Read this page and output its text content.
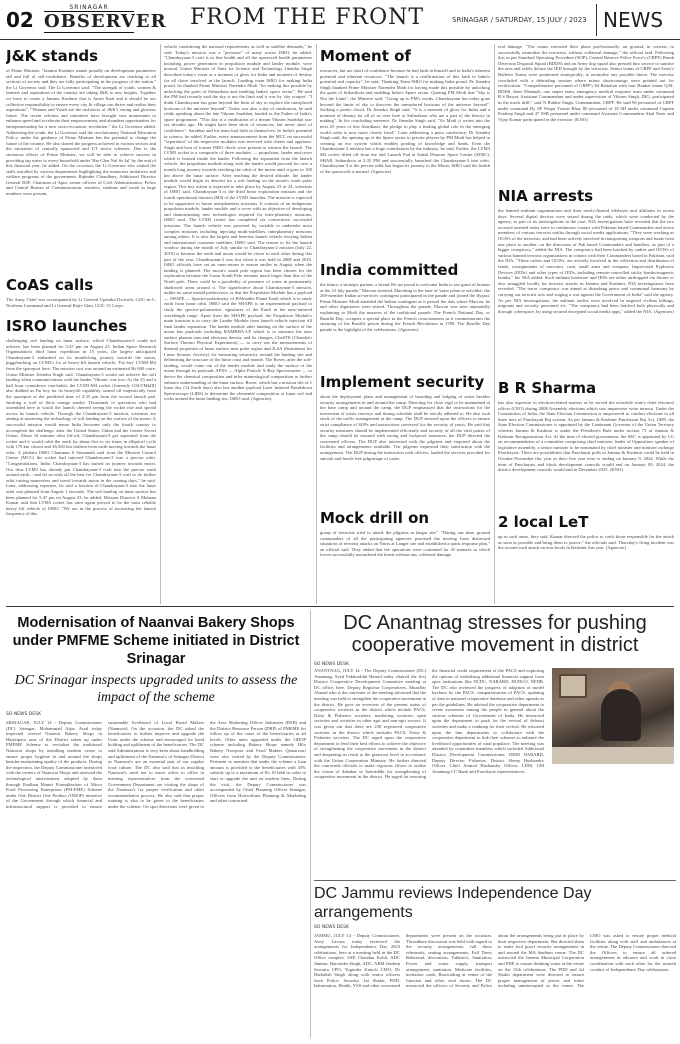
02
SRINAGAR
OBSERVER FROM THE FRONT	SRINAGAR / SATURDAY, 15 JULY / 2023 NEWS
J&K stands
of Prime Minister. "Jammu Kashmir stands proudly on development parameters tall and full of self-confidence. Benefits of development are reaching to all sections of society and they are fully participating in the progress of the nation," the Lt Governor said. The Lt Governor said: "The strength of youth, women & farmers and aspirations of the country are taking J&K to new heights. Together we have to create a Jammu Kashmir that is Amrit Kaal and it should be our collective responsibility to ensure every city & village can thrive and realise their aspirations". "Women and Youth are the architects of J&K's strong and glorious future. The recent reforms and initiatives have brought vast momentum to enhance speed and accelerate their empowerment, and abundant opportunities for entrepreneurship for a new socio-economic revolution," the Lt Governor added. Addressing the youth, the Lt Governor said the revolutionary National Education Policy, under the guidance of Prime Minister has the potential to change the future of the country. He also shared the progress achieved in various sectors and the saturation of centrally sponsored and UT sector schemes. Due to the strenuous efforts of Prime Minister, we will be able to achieve success in providing tap water to every household under 'Har Ghar Nal Se Jal' by the end of this financial year, he added. On the occasion, the Lt Governor also visited the stalls installed by various departments highlighting the numerous initiatives and welfare programs of the government. Rajinder Choudhary, Additional Director General BSF, Chairman of Apni, senior officers of Civil Administration, Police and Central Bureau of Communication, teachers, students and youth in large numbers were present.
CoAS calls
The Army Chief was accompanied by Lt General Upendra Dwivedi, GOC-in-C, Northern Command and Lt General Rajiv Ghai, GOC 15 Corps.
ISRO launches
challenging soft landing on lunar surface, which Chandrayaan-2 could not achieve, has been planned for 5:47 pm on August 23. Indian Space Research Organisation's third lunar expedition in 15 years, the largely anticipated Chandrayaan-3 embarked on its month-long journey towards the moon, piggybacking on LVM3's 1st of heavy-lift launch vehicle, 'Fat boy' LVM3-M4 from the spaceport here. The mission cost was around an estimated Rs 600 crore, Union Minister Jitendra Singh said. Chandrayaan-3 would not achieve the soft landing when communications with the lander 'Vikram' was lost. As the 25 and a half hour countdown concluded, the LVM3-M4 rocket (formerly GSLVMkIII) also dubbed as Fat boy for its heavylift capability, soared off majestically from the spaceport at the predicted time of 2:35 pm from the second launch pad, emitting a trail of thick orange smoke. Thousands of spectators who had assembled here to watch the launch cheered seeing the rocket rise and spread across its launch vehicle. Through the Chandrayaan-3 mission, scientists are aiming at mastering the technology of soft landing on the surface of the moon. A successful mission would mean India becomes only the fourth country to accomplish the challenge, after the United States, China and the former Soviet Union. About 16 minutes after lift-off, Chandrayaan-3 got separated from the rocket and it would orbit the earth for about five to six times in elliptical cycle with 170 km closest and 36,500 km farthest from earth moving towards the lunar orbit. A jubilant ISRO Chairman S Somanath said from the Mission Control Centre (MCC) the rocket had injected Chandrayaan-3 into a precise orbit. "Congratulations, India. Chandrayaan-3 has started its journey towards moon. Our dear LVM3 has already put Chandrayaan-3 craft into the precise earth around earth... and let us wish all the best for Chandrayaan-3 craft to do further orbit raising maneuvers and travel towards moon in the coming days," he said. Later, addressing reporters, he said a fraction of Chandrayaan-3 into the lunar orbit was planned from August 1 onwards. The soft landing on lunar surface has been planned for 5.47 pm on August 23, he added. Mission Director S Mohana Kumar said that LVM3 rocket has once again proved to be the most reliable heavy lift vehicle of ISRO. "We are in the process of increasing the launch frequency of this
vehicle considering the national requirements as well as satellite demands," he said. Today's mission was a "presence" of many across ISRO, he added. "Chandrayaan-3 craft is in fine health and all the spacecraft health parameters including power generation in propulsion module and lander module, were normal. Union Minister of State for Science and Technology Jitendra Singh described today's event as a moment of glory for India and moment of destiny for all those involved in the launch. Landing team ISRO for making India proud, he thanked Prime Minister Narendra Modi "for making this possible by unlocking the gates of Sriharikota and enabling India's space sector". He said the PM had recently said the sky is not the limit and it was by 'sky scraper'. "I think Chandrayaan has gone beyond the limit of sky to explore the unexplored horizons of the universe beyond". Today was also a day of vindication, he said while speaking about the late Vikram Sarabhai, lauded as the Father of India's space programme. "This day is a vindication of a dream Vikram Sarabhai saw six decades ago. He might have been short of resources, but never short of confidence". Sarabhai and his team had faith in themselves. In India's potential in science, he added. Earlier, every announcement from the MCC on successful "separation" of the respective modules was received with cheers and applause. Singh and host of former ISRO chiefs were present to witness the launch. The LVM3 rocket is a composite of three modules — propulsion, lander and rover which is housed inside the lander. Following the separation from the launch vehicle, the propulsion module along with the lander would proceed for over a month long journey towards reaching the orbit of the moon until it goes to 100 km above the lunar surface. After reaching the desired altitude, the lander module would begin its descent for a soft landing on the moon's south polar region. This key action is expected to take place by August 23 or 24, scientists of ISRO said. Chandrayaan-3 is the third lunar exploration mission and the fourth operational mission (M4) of the LVM3 launcher. The mission is expected to be supportive to future interplanetary missions. It consists of an indigenous propulsion module, lander module and a rover with an objective of developing and demonstrating new technologies required for inter-planetary missions, ISRO said. The LVM3 rocket has completed six consecutive successful missions. The launch vehicle was powered by variable to undertake most complex missions including injecting multi-satellites, interplanetary missions among others. It is also the largest and heaviest launch vehicle ferrying Indian and international customer satellites, ISRO said. The reason to fix the launch window during the month of July similar to Chandrayaan-2 mission (July 22, 2019) is because the earth and moon would be closer to each other during this part of the year. Chandrayaan-2 was lost when it was held in 2008 and 2019. ISRO officials have set an onus-return to ensure smiles in August when the landing is planned. The moon's south pole region has been chosen for the exploration because the Lunar South Pole remains much larger than that of the North pole. There could be a possibility of presence of water in permanently shadowed areas around it. The significance about Chandrayaan-3 mission, unlike its same mould predecessor, is that the Propulsion Module has a payload — SHAPE — Spectro-polarimetry of HAbitable Planet Earth which is to study earth from lunar orbit. ISRO said the SHAPE is an experimental payload to study the spectro-polarimetric signatures of the Earth in the near-infrared wavelength range. Apart from the SHAPE payload, the Propulsion Module's main function is to carry the Lander Module from launch vehicle injection till final lander separation. The lander module after landing on the surface of the moon has payloads including RAMBHA-LP which is to measure the near surface plasma ions and electrons density and its changes, ChaSTE (Chandra's Surface Thermo Physical Experiment) — to carry out the measurements of thermal properties of lunar surface near polar region and ILSA (Instrument for Lunar Seismic Activity) for measuring seismicity around the landing site and delineating the structure of the lunar crust and mantle. The Rover, after the soft-landing, would come out of the lander module and study the surface of the moon through its payloads APXS — Alpha Particle X-Ray Spectrometer — to derive the chemical composition and infer mineralogical composition to further enhance understanding of the lunar surface. Rover, which has a mission life of 1 lunar day (14 Earth days) also has another payload Laser Induced Breakdown Spectroscope (LIBS) to determine the elemental composition of lunar soil and rocks around the lunar landing site, ISRO said. (Agencies)
Moment of
resources, but not short of confidence because he had faith in himself and in India's inherent potential and inherent resources. "The launch is a reaffirmation of this faith in India's potential and capacity", he said. Thanking Team ISRO for making India proud, Dr Jitendra Singh thanked Prime Minister Narendra Modi for having made this possible by unlocking the gates of Sriharikota and enabling India's Space sector. Quoting PM Modi that "Sky is Not the Limit", the Minister said, "Going up to PM's words, Chandrayaan has today gone beyond the limits of sky to discover the unexplored horizons of the universe beyond". Striking a poetic chord, Dr Jitendra Singh said, "It is a moment of glory for India and a moment of destiny for all of us over here at Sriharikota who are a part of the history in making". In his concluding sentence, Dr Jitendra Singh said, "As Modi ji writes into the next 25 years of this Amritkaal, the pledge to play a leading global role in the emerging world order is now more clearly fixed". Later addressing a press conference, Dr Jitendra Singh said, the opening up of the Space sector to private players by PM Modi has helped in creating an eco system which enables pooling of knowledge and funds. Even the Chandrayaan-3 mission has a huge contribution by the industry, he said. Earlier, the LVM3 M4 rocket lifted off from the 2nd Launch Pad at Satish Dhawan Space Centre (SDSC), SHAR, Sriharikota at 2:35 PM and successfully launched the Chandrayaan-3 into orbit. Chandrayaan-3 is the precise orbit has begun its journey to the Moon, ISRO said the health of the spacecraft is normal. (Agencies)
India committed
the future, a strategic partner, a friend.We are proud to welcome India to our guest of honour at the 14 July parade," Macron tweeted. Marching to the tune of 'saare jahan se achchha', the 269-member Indian tri-services contingent participated in the parade and joined the flypast. Prime Minister Modi attended the Indian contingent as it passed the dais where Macron, he and other dignitaries were seated. Throughout the parade, Macron was seen animatedly explaining to Modi the nuances of the traditional parade. The French National Day, or Bastille Day, occupies a special place in the French consciousness as it commemorates the storming of the Bastille prison during the French Revolution in 1789. The Bastille Day parade is the highlight of the celebrations. (Agencies)
Implement security
about the deployment plans and management of boarding and lodging of yatris besides security arrangements in and around the camp. Directing for close vigil to be maintained at the base camp and around the camp, the DGP emphasised that the instructions for the movement of yatris convoys and timing schedule shall be strictly adhered to. He also took stock of the traffic management at the camp. The DGP stressed upon the officers to ensure strict compliance of SOPs and instructions conveyed for the security of yatris. He said that security measures should be implemented efficiently and security of all the vital points of the camp should be ensured with strong and foolproof measures, the DGP directed the concerned officers. The DGP also interacted with the pilgrims and enquired about the facilities and arrangements available. The pilgrims expressed their satisfaction with the arrangement. The DGP during the interaction with officers, lauded the services provided for smooth and hassle free pilgrimage of yatris.
Mock drill on
group of terrorists tried to attack the pilgrims at langar site". "During our time, ground commanders of all the participating agencies practised the moving from distressed situations of terrorist attacks on Yatris at Langer site and established a quick response plan," an official said. They added that the operations were continued for 45 minutes in which forces successfully neutralised the threat without any collateral damage.
eral damage. "The teams executed their plans professionally, on ground, in concert, to successfully neutralise the terrorists, without collateral damage," the official said. Following this as per Standard Operating Procedure (SOP), Central Reserve Police Force's (CRPF) Bomb Detection Disposal Squad (BDDS) and an Army dog squad also pressed into service to sanitise the area and safely defuse the IED brought by the terrorists. Senior teams of CRPF and Army's Bulletin Teams were positioned strategically, to neutralise any possible threat. The exercise concluded with a debriefing session where minor shortcomings were pointed out for rectification. "Comprehensive personnel of CRPF's 84 Battalion with four Bunker teams QAT, BDDS, three Dhanush, one sniper team, emergency medical response team under command R.S Rawat, Assistant Commandant and under supervision of Vikram Singh, DIG, participated in the mock drill," said N Rakhie Singh, Commandant, CRPF. He said 96 personnel of CRPF under command Dy SP Waqar Younis Bhat, 80 personnel of 18 SH under command Captain Pradeep Singh and 47 SSB personnel under command Assistant Commandant Abul Nasir and Vijay Kumar participated in the exercise. (KNO)
NIA arrests
the banned militant organizations and their newly-floated offshoots and affiliates in recent days. Several digital devices were seized during the raids, which were conducted by the agency, as part of its investigations in the case. NIA investigations have revealed that the two accused arrested today were in continuous contact with Pakistan based Commanders and active members of various terrorist outfits through social media applications. "They were working as OGWs of the terrorists, and had been actively involved in transporting weapons and funds from one place to another, on the directions of Pak based Commanders and handlers, as part of a bigger conspiracy," added the NIA. The conspiracy had been hatched by cadres and OGWs of various banned terrorist organizations in contact with their Commanders based in Pakistan, said the NIA. "These cadres and OGWs, are actively involved in the collection and distribution of funds, consignments of narcotics, cash, small arms and weapons, Improvised Explosive Devices (IEDs) and other types of IEDs, including remote-controlled sticky bombs/magnetic bombs," the NIA added. Such militant hardware and IEDs are either airdropped via drones or also smuggled locally for terrorist attacks in Jammu and Kashmir, NIA investigations have revealed. "The terror conspiracy was aimed at disturbing peace and communal harmony by carrying out terrorist acts and waging a war against the Government of India" said the agency. As per NIA investigations, the militant outfits were involved in targeted civilian killings, migrants and security personnel etc. "The conspiracy had been hatched both physically and through cyberspace, by using secured encrypted social media apps," added the NIA. (Agencies)
B R Sharma
has also expertise in election-related matters as he served the erstwhile state's chief electoral officer (CEO) during 2008 Assembly elections which saw impressive voter turnout. Under the Constitution of India, the State Election Commission is empowered to conduct elections to all three tiers of Panchayati Raj system. As per Jammu & Kashmir Panchayati Raj Act, 1989, the State Election Commissioner is appointed by the Lieutenant Governor of the Union Territory whereas Jammu & Kashmir is under the President's Rule under section 73 of Jammu & Kashmir Reorganization Act. At the time of elected government, the SEC is appointed by LG on recommendation of a committee comprising chief minister, leader of Opposition, speaker of legislative assembly, a senior minister to be nominated by chief minister and minister incharge Panchayats. There are possibilities that Panchayat polls in Jammu & Kashmir could be held in October-November this year as their five year term is ending on January 9, 2024. While the term of Panchayats and block development councils would end on January 09, 2024, the district development councils would end in December 2025. (KNO)
2 local LeT
up in such areas, they said. Kumar directed the police to catch those responsible for the attack as soon as possible and bring them to justice," the officials said. Thursday's firing incident was the second such attack on non-locals in Kashmir this year. (Agencies)
Modernisation of Naanvai Bakery Shops under PMFME Scheme initiated in District Srinagar
DC Srinagar inspects upgraded units to assess the impact of the scheme
SO NEWS DESK
SRINAGAR, JULY 14 - Deputy Commissioner (DC) Srinagar, Mohammad Aijaz Asad today inspected several Naanvai Bakery Shops in Harfatpora area of the District taken up under PMFME Scheme to revitalize the traditional Naanwai shops by installing modern ovens to ensure proper hygiene in and around the shops besides maintaining quality of the products. During the inspection, the Deputy Commissioner interacted with the owners of Naanwai Shops and assessed the technological interventions adopted by them through Pradhan Mantri Formalization of Micro Food Processing Enterprises (PM-FME) Scheme under One District One Product (ODOP) initiative of the Government through which financial and infrastructural support is provided to ensure sustainable livelihood of Local Bread Makers (Naanwai). On the occasion, the DC asked the beneficiaries to further improve and upgrade the Units under the scheme and encouraged for hand holding and upliftment of the beneficiaries. The DC said Administration is very keen about handholding and upliftment of the Naanwai's of Srinagar District as Naanwai's are an essential part of our regular food culture. The DC also said that in installing Naanwai's need not to move office to office in meeting representatives from the concerned Government Department are visiting the shops of the Naanwai's for proper verification and other recommendation process. He also said that proper training is also to be given to the beneficiaries under the scheme. On spot directions were given to the Area Marketing Officer Industries (RSB) and the District Resource Person (DRP) of PMFME for follow up of the cases of the beneficiaries at all levels. Other units upgraded under the ODOP scheme including Bakery Shops namely Hilo Bakery Nowpora and Food Makers Qamarwari were also visited by the Deputy Commissioner. Pertinent to mention that under the scheme a loan amount is provided to the beneficiaries with 35% subsidy up to a maximum of Rs 10 lakh in order to start or upgrade the unit on modern lines. During the visit, the Deputy Commissioner was accompanied by Chief Planning Officer Srinagar, Officers from Horticulture Planning & Marketing and other concerned.
DC Anantnag stresses for pushing cooperative movement in district
SO NEWS DESK
ANANTNAG, JULY 14 - The Deputy Commissioner (DC) Anantnag, Syed Fakhruddin Hamid today chaired the first District Cooperative Development Committee meeting at DC office, here. Deputy Registrar Cooperatives, Muzaffar Ahmad who is the convener of the meeting informed that the meeting was held to strengthen the cooperative movement in the district. He gave an overview of the present status of cooperative societies in the district which include PACS, Dairy & Fisheries societies, marketing societies, open societies and societies in other agri and non-agri sectors. It was given out that there are 238 registered cooperative societies in the district which includes PACS, Dairy & Fisheries societies. The DC urged upon the cooperative department to lend their best efforts to achieve the objective of strengthening the cooperative movement in the district and deepening its reach to the grassroot level in accordance with the Union Cooperation Ministry. He further directed the concerned officials to make vigorous efforts to realise the vision of Sahakar se Samriddhi for strengthening of cooperative movement in the district. He urged for ensuring the financial credit requirement of the PACS and exploring the options of mobilising additional financial support from apex institutions like NCDC, NABARD, HUDCO, NFDB. The DC also reviewed the progress of adoption of model byelaws by the PACS, computerisation of PACS, updating of data in national cooperative database and other agenda as per the guidelines. He advised the cooperative department to create awareness among the people in general about the various schemes of Government of India. He instructed upon the department to push for the revival of defunct societies and make a roadmap for their revival. He exhorted upon the line departments to collaborate with the cooperative department to link their schemes to enhance the livelihood opportunities of rural populace. The meeting was attended by committee members which included Additional District Development Commissioner, DDM NABARD, Deputy Director Fisheries, District Sheep Husbandry Officer, Chief Animal Husbandry Officer, LDM, GM Anantnag CC Bank and Panchayat representatives.
DC Jammu reviews Independence Day arrangements
SO NEWS DESK
JAMMU, JULY 14 - Deputy Commissioner, Avny Lavasa today reviewed the arrangements for Independence Day 2023 celebrations, here at a meeting held in the DC Office complex. SSP, Chandan Kohli, ADC Jammu, Harvinder Singh, ADC, ARM Jasdeep Sawatra CPO, Yoginder Katoch CMO, Dr Harbaksh Singh along with senior officers from Police, Security, Jal Shakti, PDD, Information, Health, YSS and other concerned departments were present on the occasion. Threadbare discussion was held with regard to the security arrangements, full dress rehearsals, seating arrangements, Full Dress Rehearsal, decoration, Tableau's, Sanitation, Power and water supply, transport arrangement, sanitation, Medicare facilities, invitation cards, Barricading at venue of the function and other vital issues. The DC instructed the officers of Security and Police about the arrangements being put in place by their respective department. She directed them to make fool proof security arrangements in and around the MA Stadium venue. The DC instructed the Jammu Municipal Corporation and PHE to ensure drinking water at the venue on the 15th celebrations. The PDD and Jal Shakti department were directed to ensure proper management of power and water including uninterrupted at the venue. The CMO was asked to ensure proper medical facilities along with staff and ambulances at the venue. The Deputy Commissioner directed the Officers to ensure all ordered arrangements in advance and work in close coordination with each other for the smooth conduct of Independence Day celebrations.
